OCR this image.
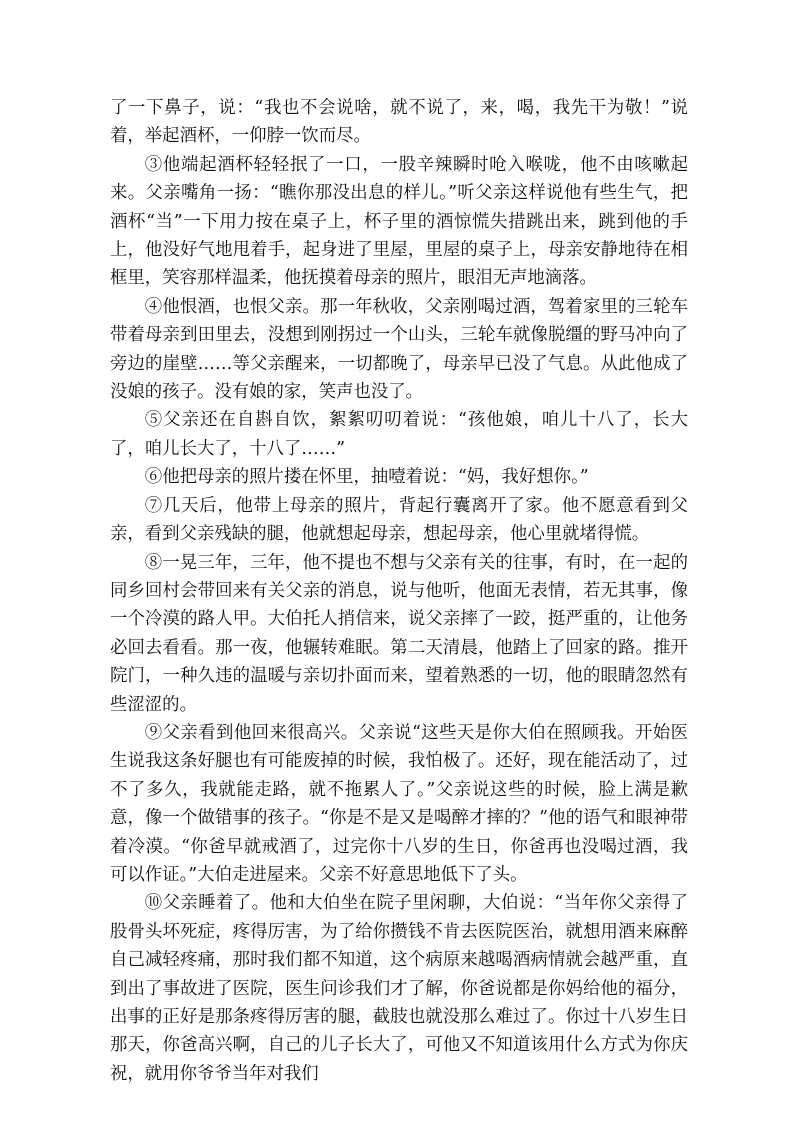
了一下鼻子，说：“我也不会说啥，就不说了，来，喝，我先干为敬！”说着，举起酒杯，一仰脖一饮而尽。

③他端起酒杯轻轻抿了一口，一股辛辣瞬时呛入喉咙，他不由咳嗽起来。父亲嘴角一扬：“瞧你那没出息的样儿。”听父亲这样说他有些生气，把酒杯“当”一下用力按在桌子上，杯子里的酒惊慌失措跳出来，跳到他的手上，他没好气地甩着手，起身进了里屋，里屋的桌子上，母亲安静地待在相框里，笑容那样温柔，他抚摸着母亲的照片，眼泪无声地滴落。

④他恨酒，也恨父亲。那一年秋收，父亲刚喝过酒，驾着家里的三轮车带着母亲到田里去，没想到刚拐过一个山头，三轮车就像脱缰的野马冲向了旁边的崖壁……等父亲醒来，一切都晚了，母亲早已没了气息。从此他成了没娘的孩子。没有娘的家，笑声也没了。

⑤父亲还在自斟自饮，絮絮叨叨着说：“孩他娘，咱儿十八了，长大了，咱儿长大了，十八了……”

⑥他把母亲的照片搂在怀里，抽噎着说：“妈，我好想你。”

⑦几天后，他带上母亲的照片，背起行囊离开了家。他不愿意看到父亲，看到父亲残缺的腿，他就想起母亲，想起母亲，他心里就堵得慌。

⑧一晃三年，三年，他不提也不想与父亲有关的往事，有时，在一起的同乡回村会带回来有关父亲的消息，说与他听，他面无表情，若无其事，像一个冷漠的路人甲。大伯托人捎信来，说父亲摔了一跤，挺严重的，让他务必回去看看。那一夜，他辗转难眠。第二天清晨，他踏上了回家的路。推开院门，一种久违的温暖与亲切扑面而来，望着熟悉的一切，他的眼睛忽然有些涩涩的。

⑨父亲看到他回来很高兴。父亲说“这些天是你大伯在照顾我。开始医生说我这条好腿也有可能废掉的时候，我怕极了。还好，现在能活动了，过不了多久，我就能走路，就不拖累人了。”父亲说这些的时候，脸上满是歉意，像一个做错事的孩子。“你是不是又是喝醉才摔的？”他的语气和眼神带着冷漠。“你爸早就戒酒了，过完你十八岁的生日，你爸再也没喝过酒，我可以作证。”大伯走进屋来。父亲不好意思地低下了头。

⑩父亲睡着了。他和大伯坐在院子里闲聊，大伯说：“当年你父亲得了股骨头坏死症，疼得厉害，为了给你攒钱不肯去医院医治，就想用酒来麻醉自己减轻疼痛，那时我们都不知道，这个病原来越喝酒病情就会越严重，直到出了事故进了医院，医生问诊我们才了解，你爸说都是你妈给他的福分，出事的正好是那条疼得厉害的腿，截肢也就没那么难过了。你过十八岁生日那天，你爸高兴啊，自己的儿子长大了，可他又不知道该用什么方式为你庆祝，就用你爷爷当年对我们
